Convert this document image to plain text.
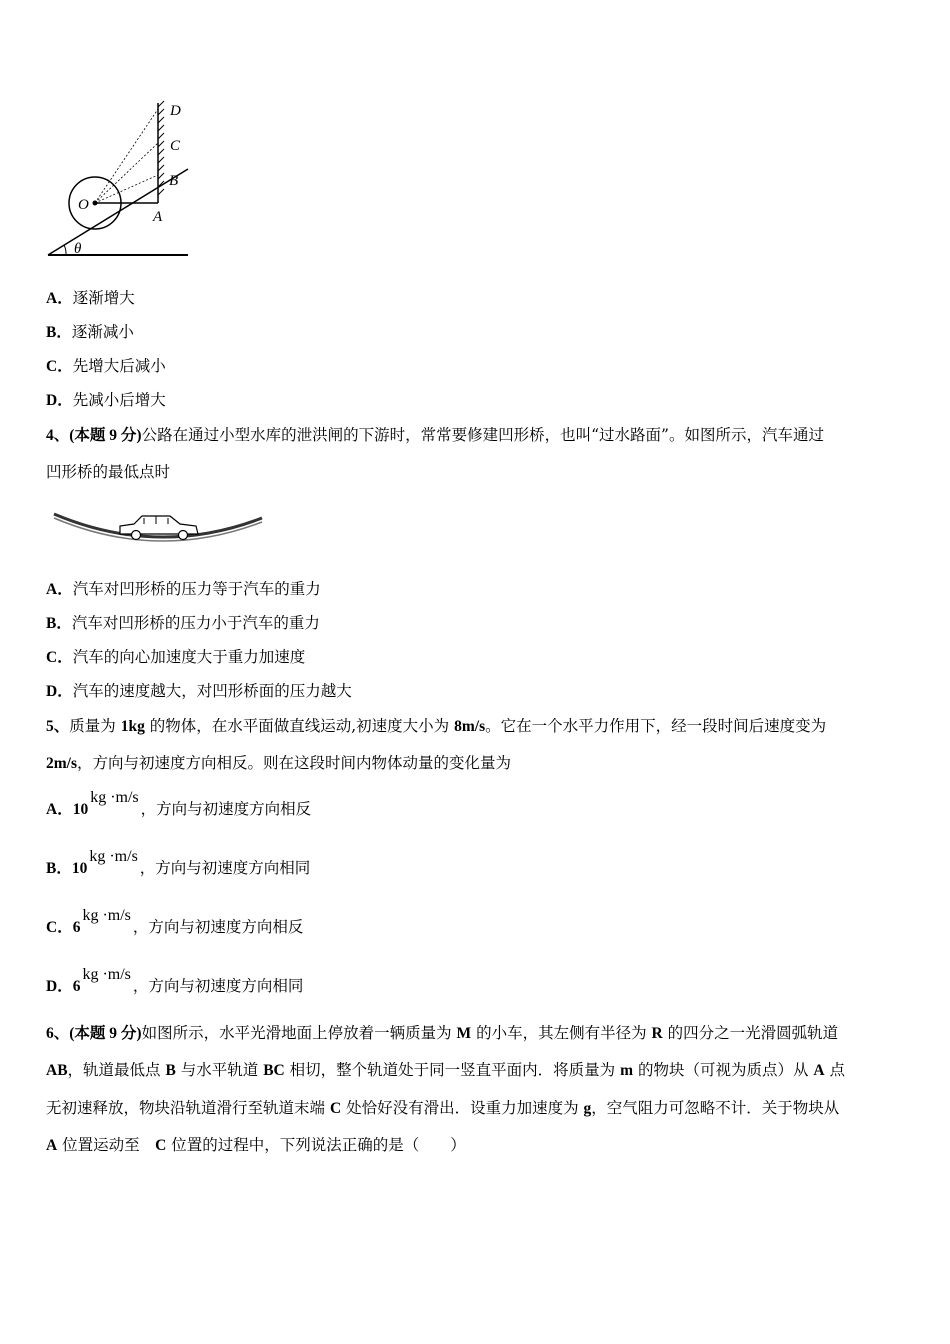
D
C
B
A
O
θ
A．逐渐增大
B．逐渐减小
C．先增大后减小
D．先减小后增大
4、(本题 9 分)公路在通过小型水库的泄洪闸的下游时，常常要修建凹形桥，也叫“过水路面”。如图所示，汽车通过
凹形桥的最低点时
A．汽车对凹形桥的压力等于汽车的重力
B．汽车对凹形桥的压力小于汽车的重力
C．汽车的向心加速度大于重力加速度
D．汽车的速度越大，对凹形桥面的压力越大
5、质量为 1kg 的物体，在水平面做直线运动,初速度大小为 8m/s。它在一个水平力作用下，经一段时间后速度变为
2m/s，方向与初速度方向相反。则在这段时间内物体动量的变化量为
A．10kg ·m/s，方向与初速度方向相反
B．10kg ·m/s，方向与初速度方向相同
C．6kg ·m/s，方向与初速度方向相反
D．6kg ·m/s，方向与初速度方向相同
6、(本题 9 分)如图所示，水平光滑地面上停放着一辆质量为 M 的小车，其左侧有半径为 R 的四分之一光滑圆弧轨道
AB，轨道最低点 B 与水平轨道 BC 相切，整个轨道处于同一竖直平面内．将质量为 m 的物块（可视为质点）从 A 点
无初速释放，物块沿轨道滑行至轨道末端 C 处恰好没有滑出．设重力加速度为 g，空气阻力可忽略不计．关于物块从
A 位置运动至　C 位置的过程中，下列说法正确的是（　　）
